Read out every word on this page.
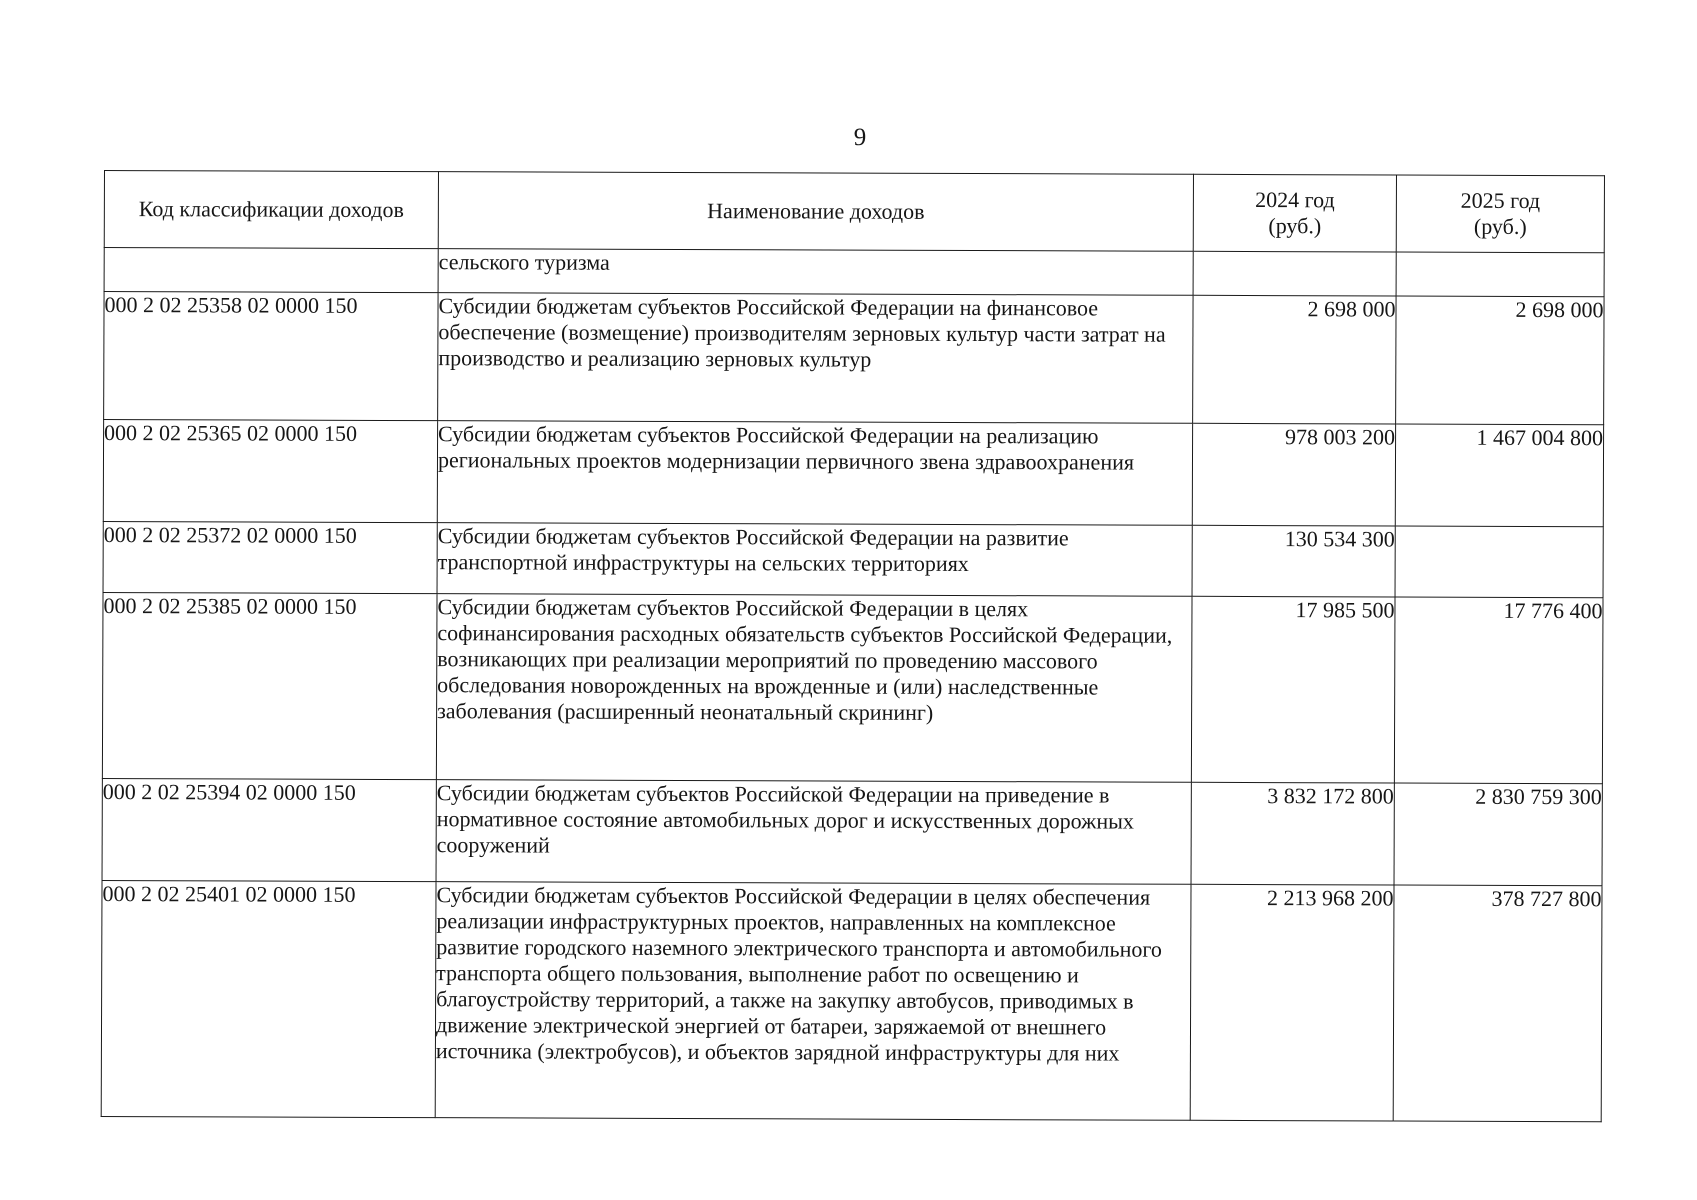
9
Код классификации доходов	Наименование доходов	2024 год (руб.)	2025 год (руб.)
	сельского туризма		
000 2 02 25358 02 0000 150	Субсидии бюджетам субъектов Российской Федерации на финансовое обеспечение (возмещение) производителям зерновых культур части затрат на производство и реализацию зерновых культур	2 698 000	2 698 000
000 2 02 25365 02 0000 150	Субсидии бюджетам субъектов Российской Федерации на реализацию региональных проектов модернизации первичного звена здравоохранения	978 003 200	1 467 004 800
000 2 02 25372 02 0000 150	Субсидии бюджетам субъектов Российской Федерации на развитие транспортной инфраструктуры на сельских территориях	130 534 300	
000 2 02 25385 02 0000 150	Субсидии бюджетам субъектов Российской Федерации в целях софинансирования расходных обязательств субъектов Российской Федерации, возникающих при реализации мероприятий по проведению массового обследования новорожденных на врожденные и (или) наследственные заболевания (расширенный неонатальный скрининг)	17 985 500	17 776 400
000 2 02 25394 02 0000 150	Субсидии бюджетам субъектов Российской Федерации на приведение в нормативное состояние автомобильных дорог и искусственных дорожных сооружений	3 832 172 800	2 830 759 300
000 2 02 25401 02 0000 150	Субсидии бюджетам субъектов Российской Федерации в целях обеспечения реализации инфраструктурных проектов, направленных на комплексное развитие городского наземного электрического транспорта и автомобильного транспорта общего пользования, выполнение работ по освещению и благоустройству территорий, а также на закупку автобусов, приводимых в движение электрической энергией от батареи, заряжаемой от внешнего источника (электробусов), и объектов зарядной инфраструктуры для них	2 213 968 200	378 727 800
